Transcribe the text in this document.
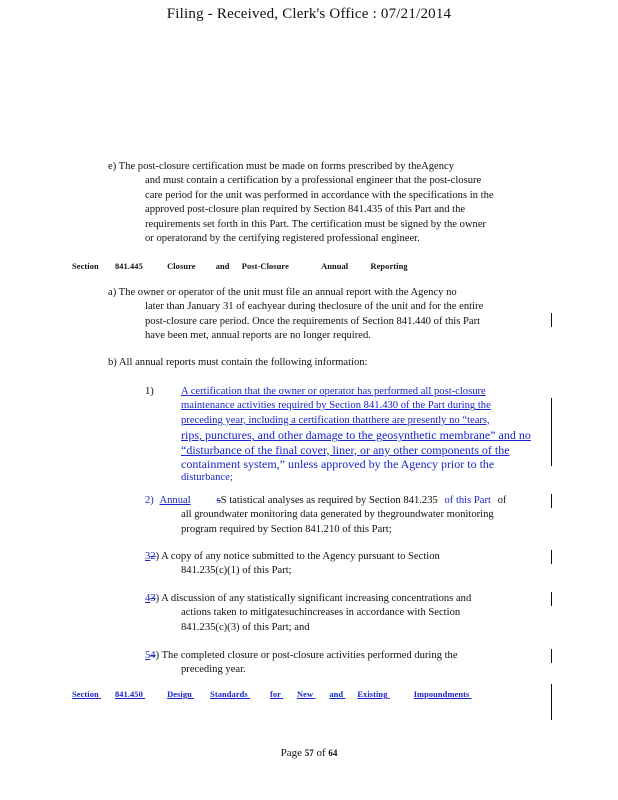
Filing - Received, Clerk's Office : 07/21/2014
e) The post-closure certification must be made on forms prescribed by theAgency
and must contain a certification by a professional engineer that the post-closure
care period for the unit was performed in accordance with the specifications in the
approved post-closure plan required by Section 841.435 of this Part and the
requirements set forth in this Part. The certification must be signed by the owner
or operatorand by the certifying registered professional engineer.
Section 841.445	Closure and Post-Closure	Annual	Reporting
a) The owner or operator of the unit must file an annual report with the Agency no
later than January 31 of eachyear during theclosure of the unit and for the entire
post-closure care period. Once the requirements of Section 841.440 of this Part
have been met, annual reports are no longer required.
b) All annual reports must contain the following information:
1)	A certification that the owner or operator has performed all post-closure
maintenance activities required by Section 841.430 of the Part during the
preceding year, including a certification thatthere are presently no “tears,
rips, punctures, and other damage to the geosynthetic membrane” and no
“disturbance of the final cover, liner, or any other components of the
containment system,” unless approved by the Agency prior to the
disturbance;
2) Annual sS tatistical analyses as required by Section 841.235 of this Part of
all groundwater monitoring data generated by thegroundwater monitoring
program required by Section 841.210 of this Part;
32) A copy of any notice submitted to the Agency pursuant to Section
841.235(c)(1) of this Part;
43) A discussion of any statistically significant increasing concentrations and
actions taken to mitigatesuchincreases in accordance with Section
841.235(c)(3) of this Part; and
54) The completed closure or post-closure activities performed during the
preceding year.
Section 841.450	Design Standards	for New and Existing	Impoundments
Page 57 of 64
